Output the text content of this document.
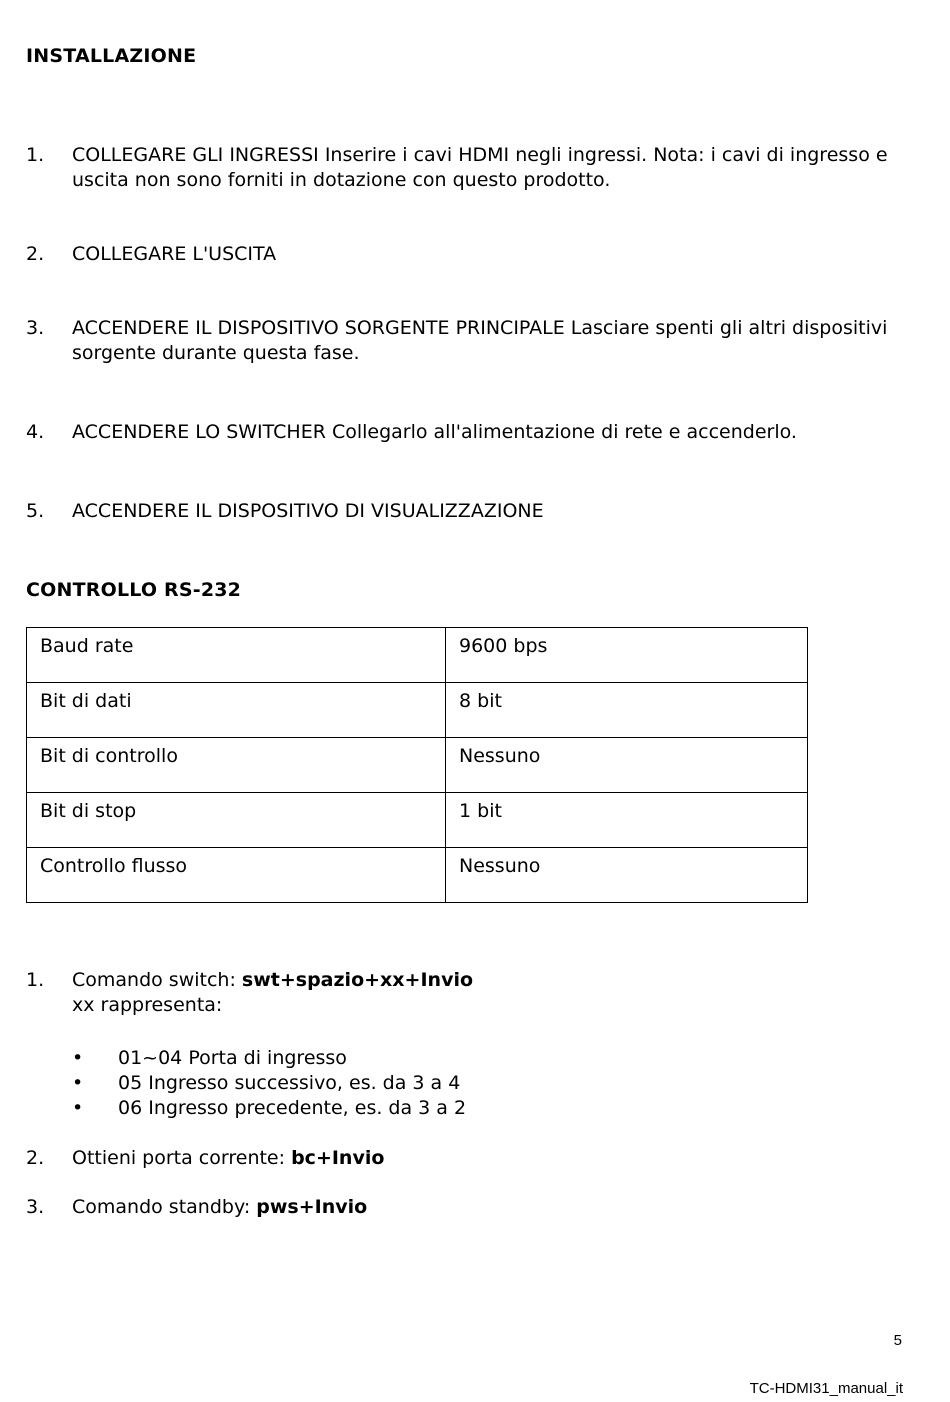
INSTALLAZIONE
1. COLLEGARE GLI INGRESSI Inserire i cavi HDMI negli ingressi. Nota: i cavi di ingresso e uscita non sono forniti in dotazione con questo prodotto.
2. COLLEGARE L'USCITA
3. ACCENDERE IL DISPOSITIVO SORGENTE PRINCIPALE Lasciare spenti gli altri dispositivi sorgente durante questa fase.
4. ACCENDERE LO SWITCHER Collegarlo all'alimentazione di rete e accenderlo.
5. ACCENDERE IL DISPOSITIVO DI VISUALIZZAZIONE
CONTROLLO RS-232
Baud rate	9600 bps
Bit di dati	8 bit
Bit di controllo	Nessuno
Bit di stop	1 bit
Controllo flusso	Nessuno
1. Comando switch: swt+spazio+xx+Invio
xx rappresenta:
• 01~04 Porta di ingresso
• 05 Ingresso successivo, es. da 3 a 4
• 06 Ingresso precedente, es. da 3 a 2
2. Ottieni porta corrente: bc+Invio
3. Comando standby: pws+Invio
5
TC-HDMI31_manual_it
